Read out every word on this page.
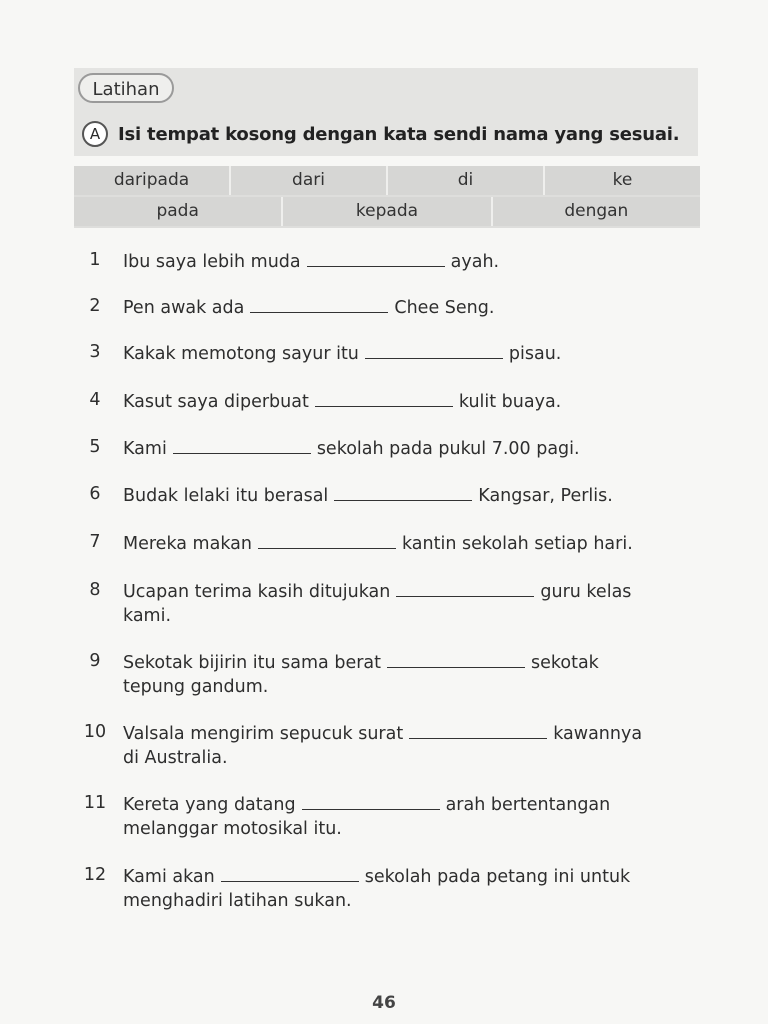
Latihan
A Isi tempat kosong dengan kata sendi nama yang sesuai.
daripada	dari	di	ke
pada	kepada	dengan
1	Ibu saya lebih muda	ayah.
2	Pen awak ada	Chee Seng.
3	Kakak memotong sayur itu	pisau.
4	Kasut saya diperbuat	kulit buaya.
5	Kami	sekolah pada pukul 7.00 pagi.
6	Budak lelaki itu berasal	Kangsar, Perlis.
7	Mereka makan	kantin sekolah setiap hari.
8	Ucapan terima kasih ditujukan	guru kelas
kami.
9	Sekotak bijirin itu sama berat	sekotak
tepung gandum.
10 Valsala mengirim sepucuk surat	kawannya
di Australia.
11 Kereta yang datang	arah bertentangan
melanggar motosikal itu.
12 Kami akan	sekolah pada petang ini untuk
menghadiri latihan sukan.
46
